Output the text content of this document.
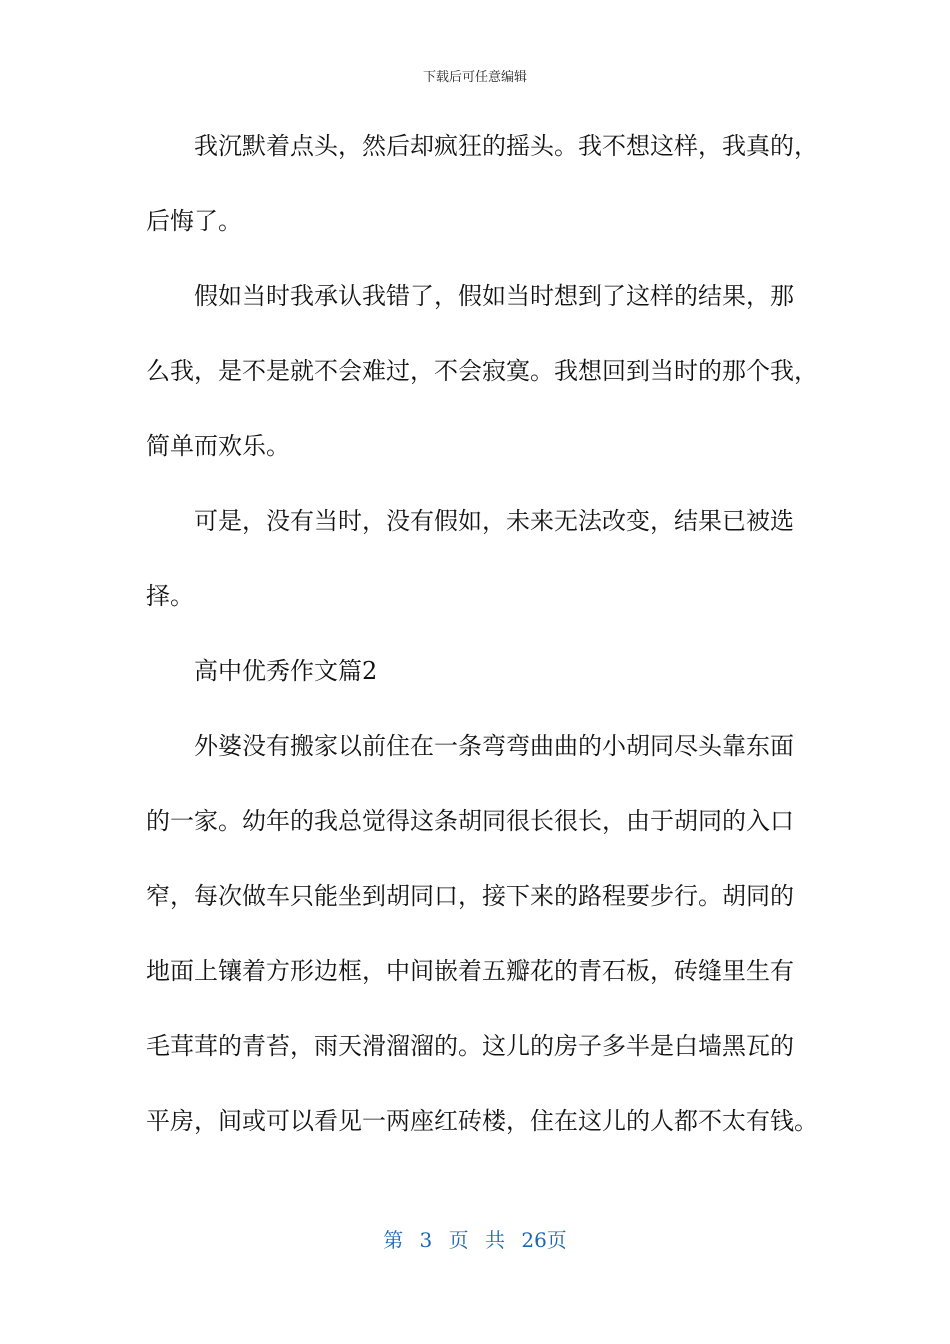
下载后可任意编辑
我沉默着点头，然后却疯狂的摇头。我不想这样，我真的，
后悔了。
假如当时我承认我错了，假如当时想到了这样的结果，那
么我，是不是就不会难过，不会寂寞。我想回到当时的那个我，
简单而欢乐。
可是，没有当时，没有假如，未来无法改变，结果已被选
择。
高中优秀作文篇2
外婆没有搬家以前住在一条弯弯曲曲的小胡同尽头靠东面
的一家。幼年的我总觉得这条胡同很长很长，由于胡同的入口
窄，每次做车只能坐到胡同口，接下来的路程要步行。胡同的
地面上镶着方形边框，中间嵌着五瓣花的青石板，砖缝里生有
毛茸茸的青苔，雨天滑溜溜的。这儿的房子多半是白墙黑瓦的
平房，间或可以看见一两座红砖楼，住在这儿的人都不太有钱。
第 3 页 共 26页
